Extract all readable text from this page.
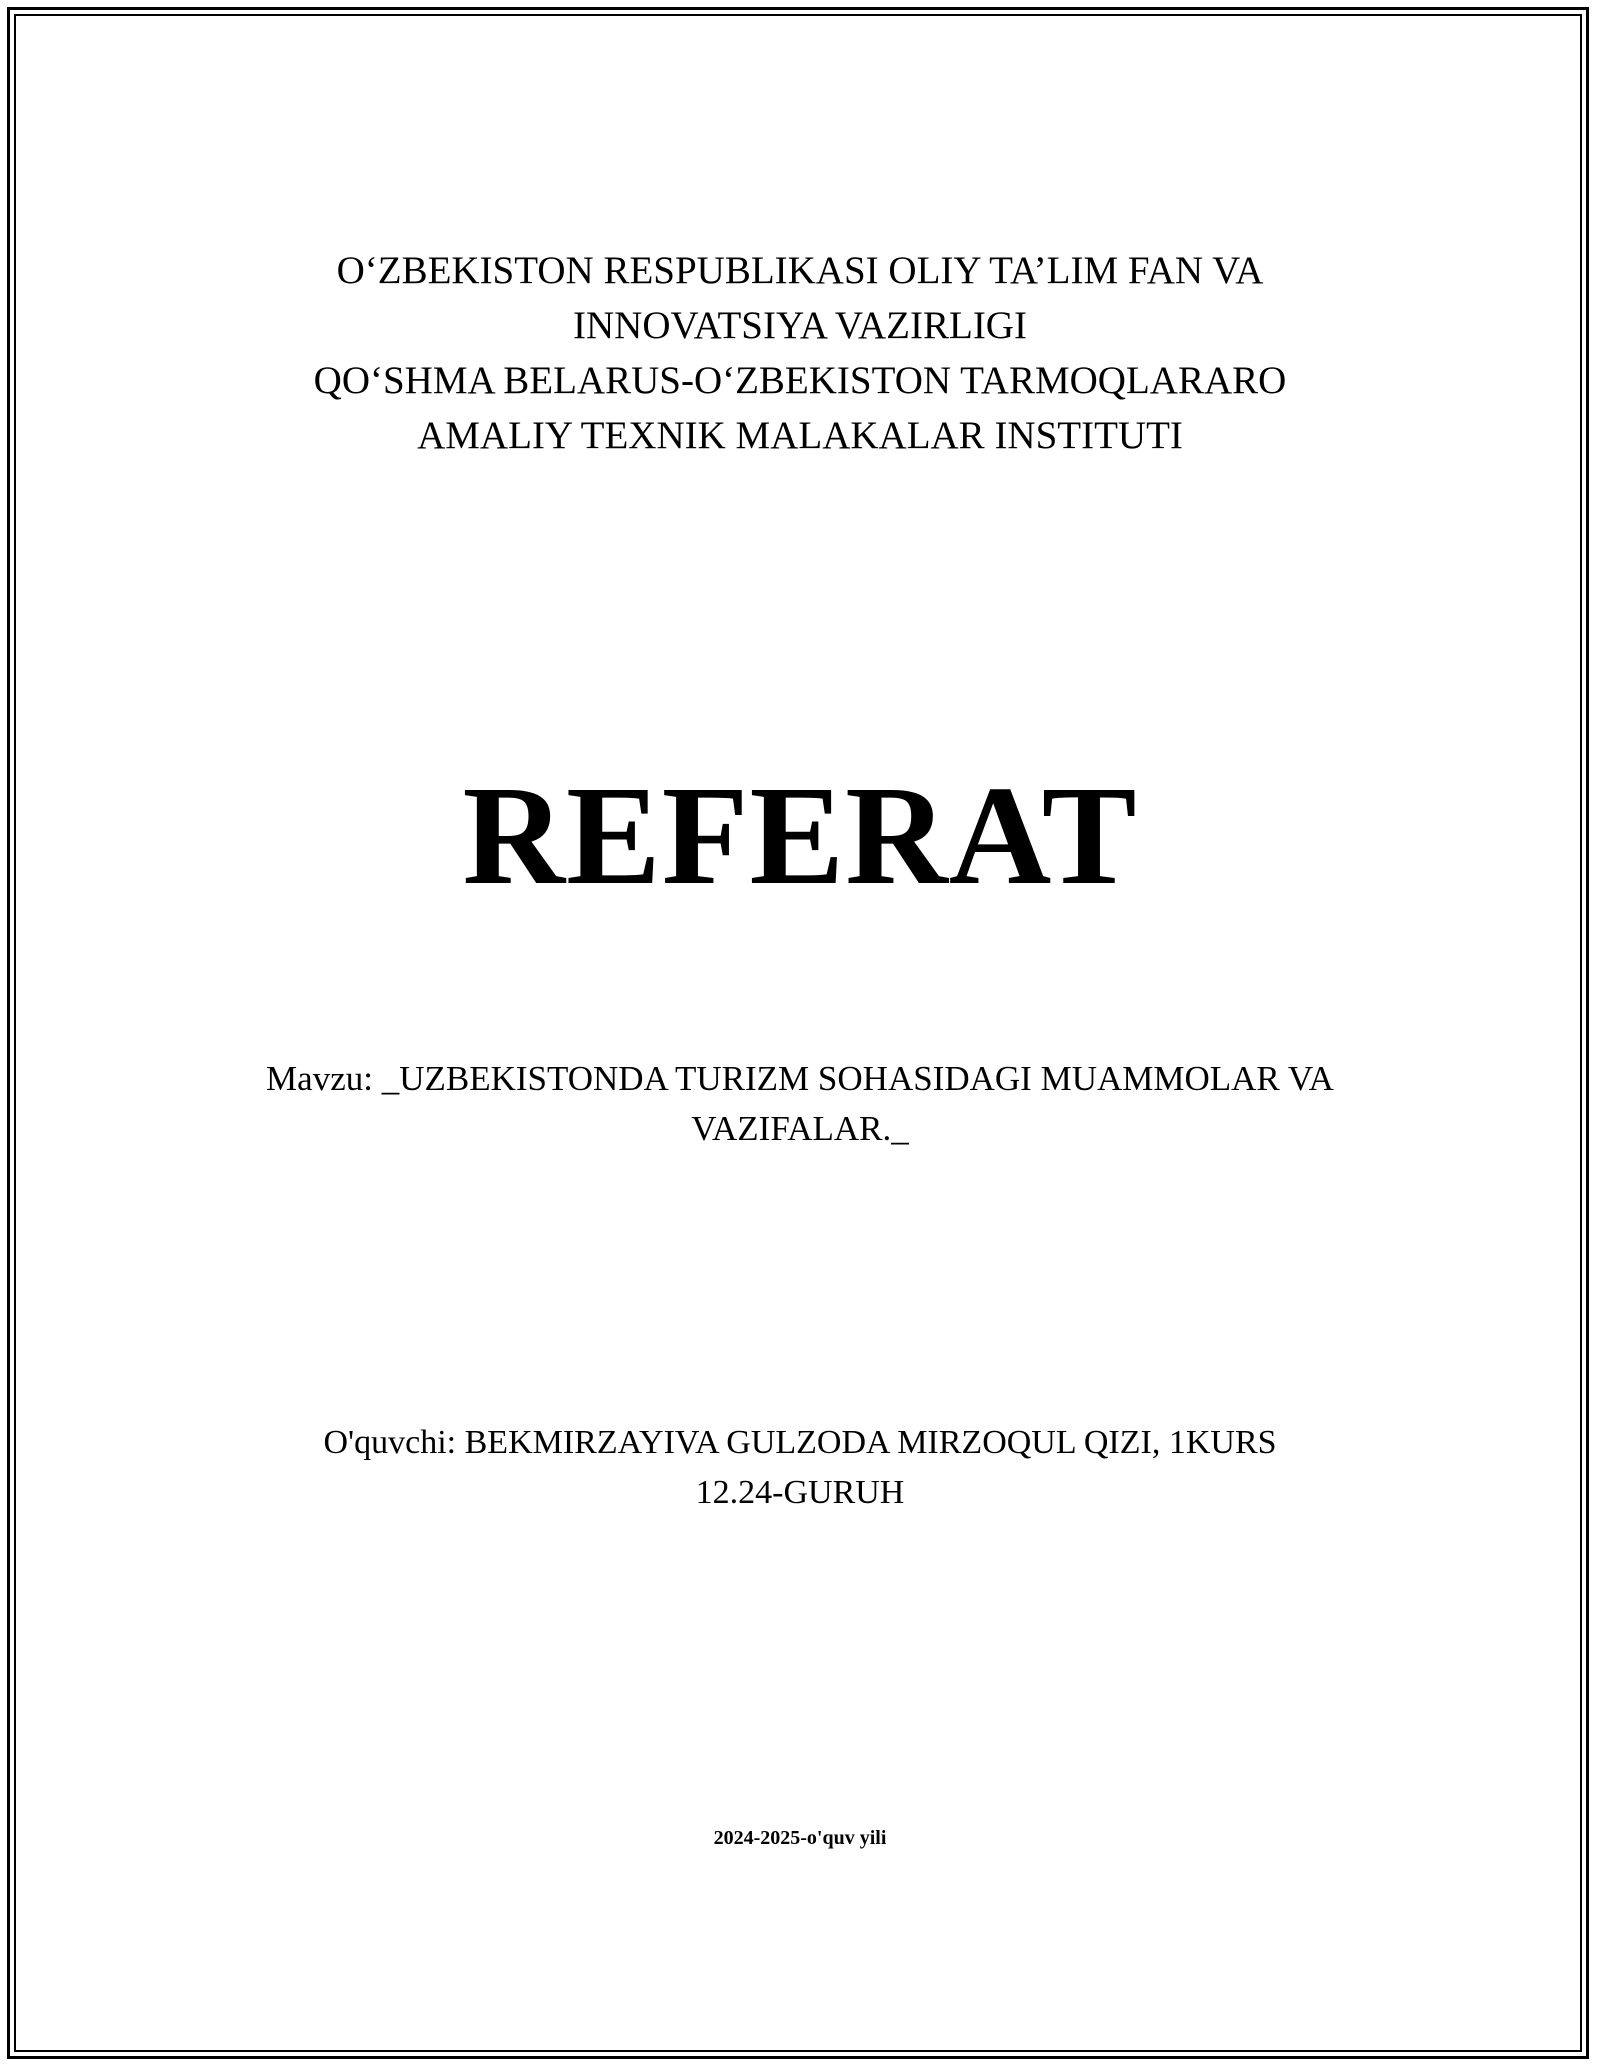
O‘ZBEKISTON RESPUBLIKASI OLIY TA’LIM FAN VA
INNOVATSIYA VAZIRLIGI
QO‘SHMA BELARUS-O‘ZBEKISTON TARMOQLARARO
AMALIY TEXNIK MALAKALAR INSTITUTI
REFERAT
Mavzu: _UZBEKISTONDA TURIZM SOHASIDAGI MUAMMOLAR VA
VAZIFALAR._
O'quvchi: BEKMIRZAYIVA GULZODA MIRZOQUL QIZI, 1KURS
12.24-GURUH
2024-2025-o'quv yili
